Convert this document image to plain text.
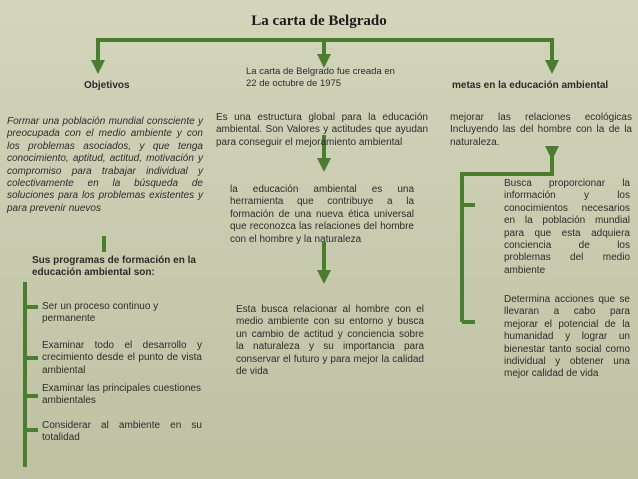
La carta de Belgrado
La carta de Belgrado fue creada en 22 de octubre de 1975
Es una estructura global para la educación ambiental. Son Valores y actitudes que ayudan para conseguir el mejoramiento ambiental
la educación ambiental es una herramienta que contribuye a la formación de una nueva ética universal que reconozca las relaciones del hombre con el hombre y la naturaleza
Esta busca relacionar al hombre con el medio ambiente con su entorno y busca un cambio de actitud y conciencia sobre la naturaleza y su importancia para conservar el futuro y para mejor la calidad de vida
Objetivos
Formar una población mundial consciente y preocupada con el medio ambiente y con los problemas asociados, y que tenga conocimiento, aptitud, actitud, motivación y compromiso para trabajar individual y colectivamente en la búsqueda de soluciones para los problemas existentes y para prevenir nuevos
Sus programas de formación en la educación ambiental son:
Ser un proceso continuo y permanente
Examinar todo el desarrollo y crecimiento desde el punto de vista ambiental
Examinar las principales cuestiones ambientales
Considerar al ambiente en su totalidad
metas en la educación ambiental
mejorar las relaciones ecológicas Incluyendo las del hombre con la de la naturaleza.
Busca proporcionar la información y los conocimientos necesarios en la población mundial para que esta adquiera conciencia de los problemas del medio ambiente
Determina acciones que se llevaran a cabo para mejorar el potencial de la humanidad y lograr un bienestar tanto social como individual y obtener una mejor calidad de vida
